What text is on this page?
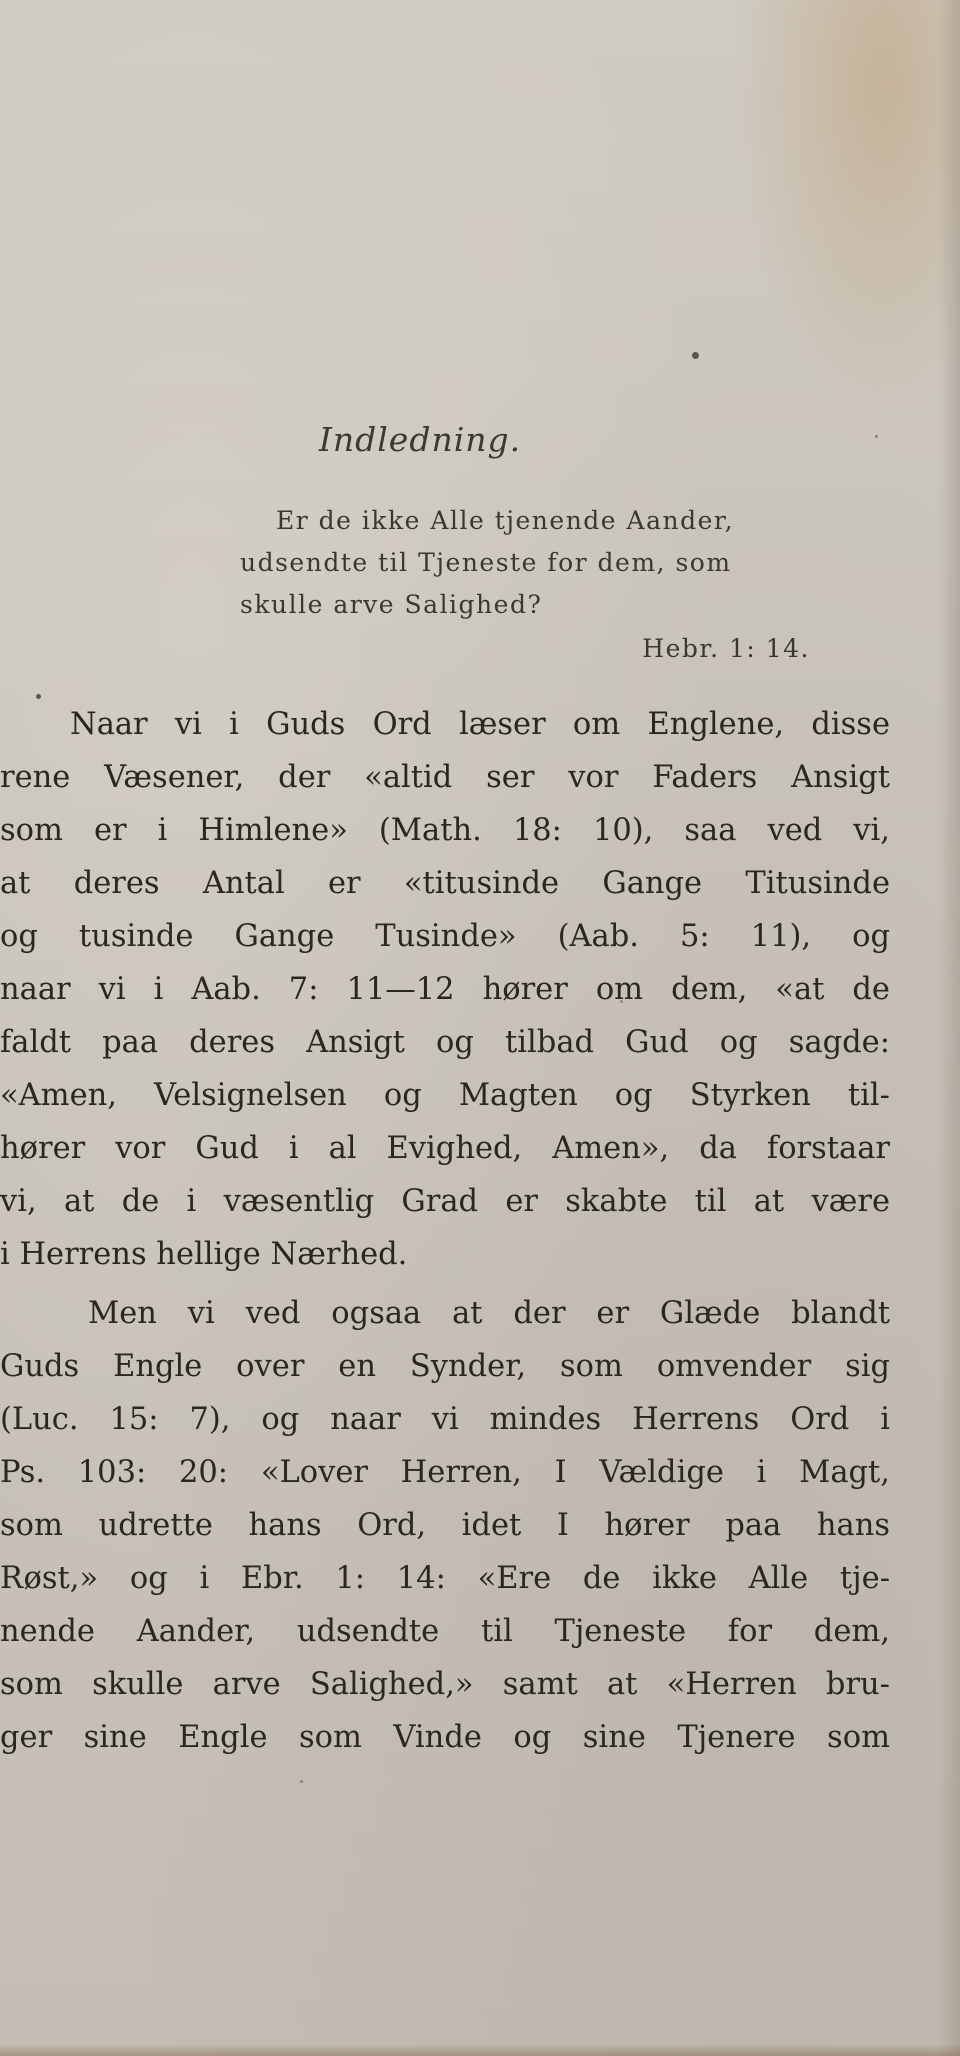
Indledning.
Er de ikke Alle tjenende Aander,
udsendte til Tjeneste for dem, som
skulle arve Salighed?
Hebr. 1: 14.
Naar vi i Guds Ord læser om Englene, disse
rene Væsener, der «altid ser vor Faders Ansigt
som er i Himlene» (Math. 18: 10), saa ved vi,
at deres Antal er «titusinde Gange Titusinde
og tusinde Gange Tusinde» (Aab. 5: 11), og
naar vi i Aab. 7: 11—12 hører om dem, «at de
faldt paa deres Ansigt og tilbad Gud og sagde:
«Amen, Velsignelsen og Magten og Styrken til-
hører vor Gud i al Evighed, Amen», da forstaar
vi, at de i væsentlig Grad er skabte til at være
i Herrens hellige Nærhed.
Men vi ved ogsaa at der er Glæde blandt
Guds Engle over en Synder, som omvender sig
(Luc. 15: 7), og naar vi mindes Herrens Ord i
Ps. 103: 20: «Lover Herren, I Vældige i Magt,
som udrette hans Ord, idet I hører paa hans
Røst,» og i Ebr. 1: 14: «Ere de ikke Alle tje-
nende Aander, udsendte til Tjeneste for dem,
som skulle arve Salighed,» samt at «Herren bru-
ger sine Engle som Vinde og sine Tjenere som
